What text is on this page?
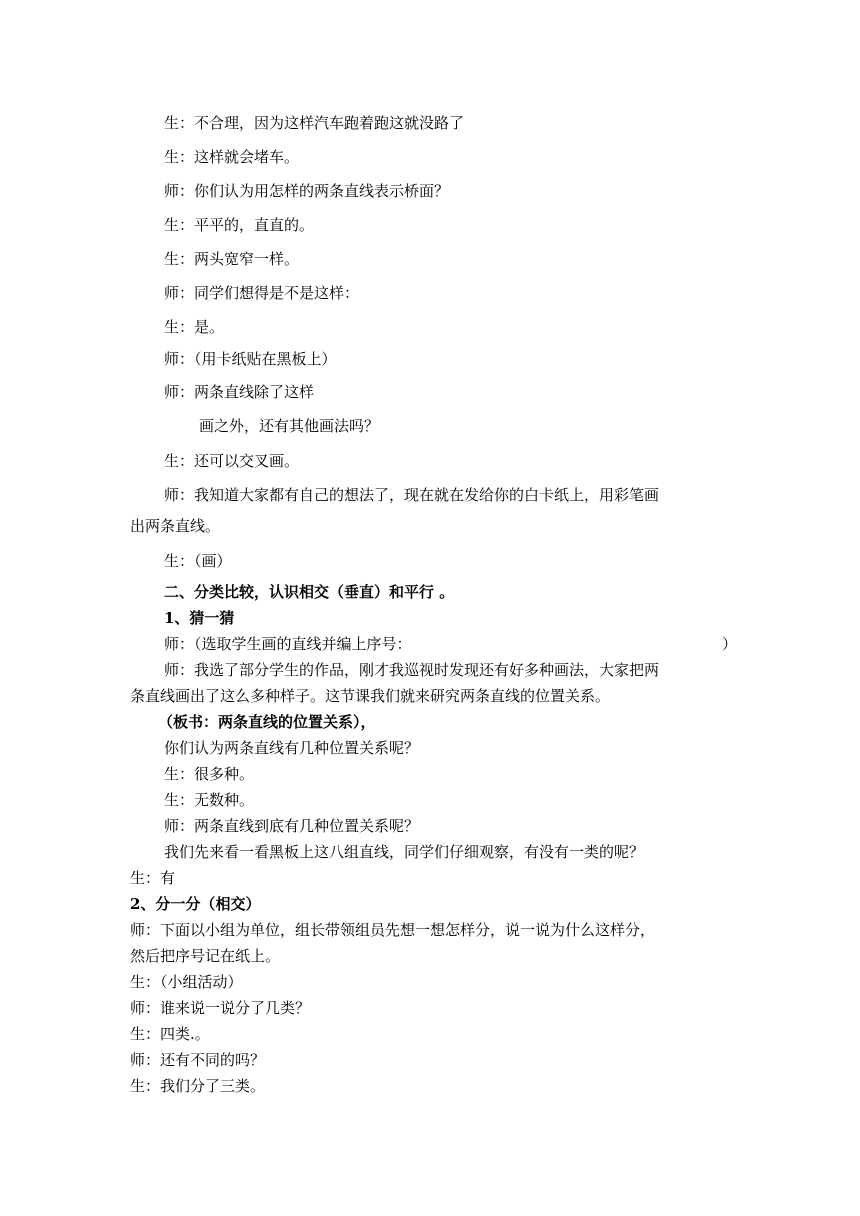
生：不合理，因为这样汽车跑着跑这就没路了
生：这样就会堵车。
师：你们认为用怎样的两条直线表示桥面？
生：平平的，直直的。
生：两头宽窄一样。
师：同学们想得是不是这样：
生：是。
师：（用卡纸贴在黑板上）
师：两条直线除了这样
画之外，还有其他画法吗？
生：还可以交叉画。
师：我知道大家都有自己的想法了，现在就在发给你的白卡纸上，用彩笔画
出两条直线。
生：（画）
二、分类比较，认识相交（垂直）和平行 。
1、猜一猜
师：（选取学生画的直线并编上序号：	）
师：我选了部分学生的作品，刚才我巡视时发现还有好多种画法，大家把两
条直线画出了这么多种样子。这节课我们就来研究两条直线的位置关系。
（板书：两条直线的位置关系），
你们认为两条直线有几种位置关系呢？
生：很多种。
生：无数种。
师：两条直线到底有几种位置关系呢？
我们先来看一看黑板上这八组直线，同学们仔细观察，有没有一类的呢？
生：有
2、分一分（相交）
师：下面以小组为单位，组长带领组员先想一想怎样分，说一说为什么这样分，
然后把序号记在纸上。
生：（小组活动）
师：谁来说一说分了几类？
生：四类.。
师：还有不同的吗？
生：我们分了三类。
